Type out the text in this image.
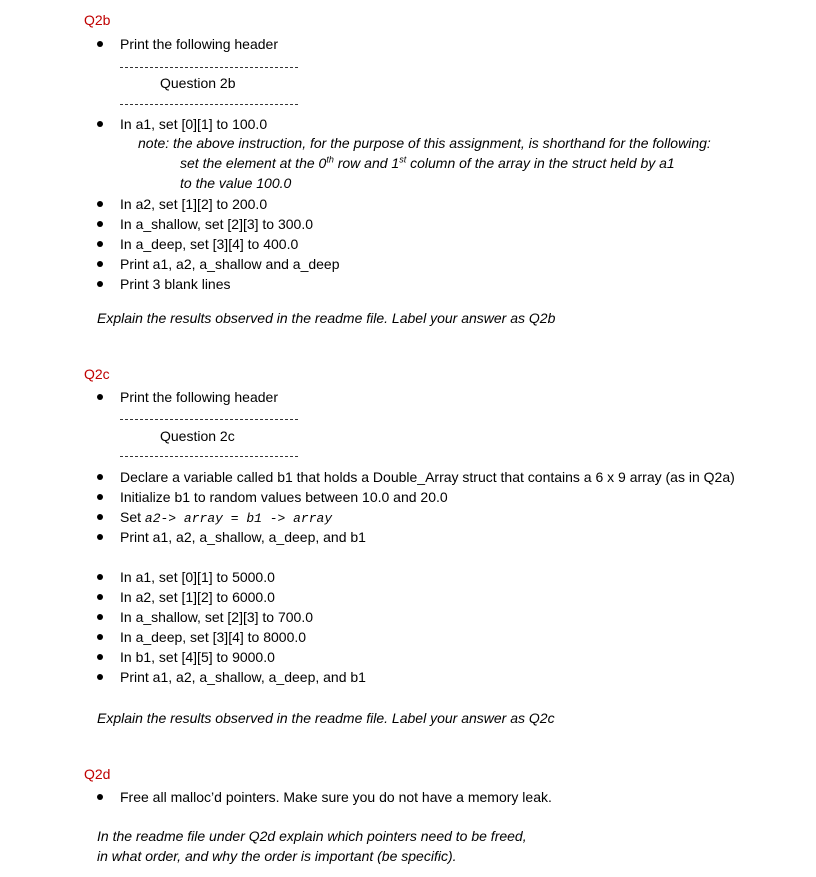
Q2b
Print the following header
Question 2b
In a1, set [0][1] to 100.0
note: the above instruction, for the purpose of this assignment, is shorthand for the following:
set the element at the 0th row and 1st column of the array in the struct held by a1
to the value 100.0
In a2, set [1][2] to 200.0
In a_shallow, set [2][3] to 300.0
In a_deep, set [3][4] to 400.0
Print a1, a2, a_shallow and a_deep
Print 3 blank lines
Explain the results observed in the readme file. Label your answer as Q2b
Q2c
Print the following header
Question 2c
Declare a variable called b1 that holds a Double_Array struct that contains a 6 x 9 array (as in Q2a)
Initialize b1 to random values between 10.0 and 20.0
Set a2-> array = b1 -> array
Print a1, a2, a_shallow, a_deep, and b1
In a1, set [0][1] to 5000.0
In a2, set [1][2] to 6000.0
In a_shallow, set [2][3] to 700.0
In a_deep, set [3][4] to 8000.0
In b1, set [4][5] to 9000.0
Print a1, a2, a_shallow, a_deep, and b1
Explain the results observed in the readme file. Label your answer as Q2c
Q2d
Free all malloc’d pointers. Make sure you do not have a memory leak.
In the readme file under Q2d explain which pointers need to be freed,
in what order, and why the order is important (be specific).
